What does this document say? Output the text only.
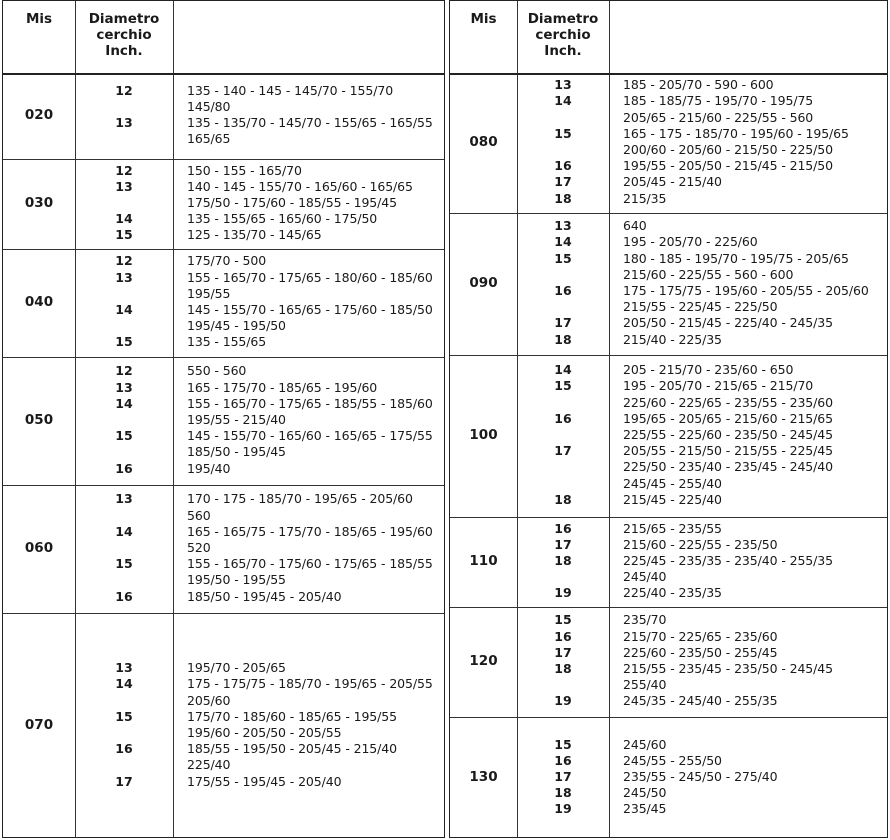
Mis	Diametro
cerchio
Inch.
020
12	135 - 140 - 145 - 145/70 - 155/70
145/80
13	135 - 135/70 - 145/70 - 155/65 - 165/55
165/65
030
12	150 - 155 - 165/70
13	140 - 145 - 155/70 - 165/60 - 165/65
175/50 - 175/60 - 185/55 - 195/45
14	135 - 155/65 - 165/60 - 175/50
15	125 - 135/70 - 145/65
040
12	175/70 - 500
13	155 - 165/70 - 175/65 - 180/60 - 185/60
195/55
14	145 - 155/70 - 165/65 - 175/60 - 185/50
195/45 - 195/50
15	135 - 155/65
050
12	550 - 560
13	165 - 175/70 - 185/65 - 195/60
14	155 - 165/70 - 175/65 - 185/55 - 185/60
195/55 - 215/40
15	145 - 155/70 - 165/60 - 165/65 - 175/55
185/50 - 195/45
16	195/40
060
13	170 - 175 - 185/70 - 195/65 - 205/60
560
14	165 - 165/75 - 175/70 - 185/65 - 195/60
520
15	155 - 165/70 - 175/60 - 175/65 - 185/55
195/50 - 195/55
16	185/50 - 195/45 - 205/40
070
13	195/70 - 205/65
14	175 - 175/75 - 185/70 - 195/65 - 205/55
205/60
15	175/70 - 185/60 - 185/65 - 195/55
195/60 - 205/50 - 205/55
16	185/55 - 195/50 - 205/45 - 215/40
225/40
17	175/55 - 195/45 - 205/40
Mis	Diametro
cerchio
Inch.
080
13	185 - 205/70 - 590 - 600
14	185 - 185/75 - 195/70 - 195/75
205/65 - 215/60 - 225/55 - 560
15	165 - 175 - 185/70 - 195/60 - 195/65
200/60 - 205/60 - 215/50 - 225/50
16	195/55 - 205/50 - 215/45 - 215/50
17	205/45 - 215/40
18	215/35
090
13	640
14	195 - 205/70 - 225/60
15	180 - 185 - 195/70 - 195/75 - 205/65
215/60 - 225/55 - 560 - 600
16	175 - 175/75 - 195/60 - 205/55 - 205/60
215/55 - 225/45 - 225/50
17	205/50 - 215/45 - 225/40 - 245/35
18	215/40 - 225/35
100
14	205 - 215/70 - 235/60 - 650
15	195 - 205/70 - 215/65 - 215/70
225/60 - 225/65 - 235/55 - 235/60
16	195/65 - 205/65 - 215/60 - 215/65
225/55 - 225/60 - 235/50 - 245/45
17	205/55 - 215/50 - 215/55 - 225/45
225/50 - 235/40 - 235/45 - 245/40
245/45 - 255/40
18	215/45 - 225/40
110
16	215/65 - 235/55
17	215/60 - 225/55 - 235/50
18	225/45 - 235/35 - 235/40 - 255/35
245/40
19	225/40 - 235/35
120
15	235/70
16	215/70 - 225/65 - 235/60
17	225/60 - 235/50 - 255/45
18	215/55 - 235/45 - 235/50 - 245/45
255/40
19	245/35 - 245/40 - 255/35
130
15	245/60
16	245/55 - 255/50
17	235/55 - 245/50 - 275/40
18	245/50
19	235/45
